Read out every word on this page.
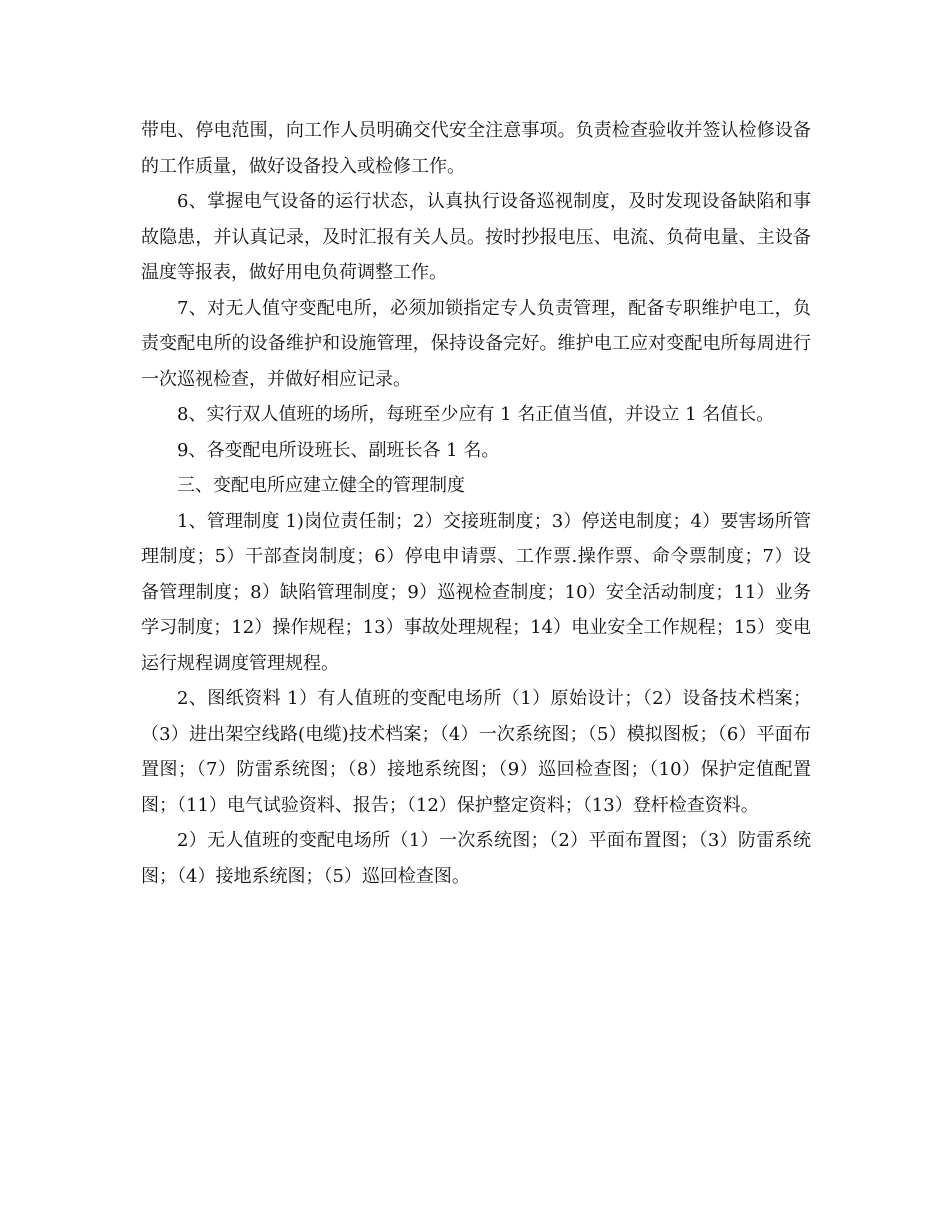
带电、停电范围，向工作人员明确交代安全注意事项。负责检查验收并签认检修设备的工作质量，做好设备投入或检修工作。

6、掌握电气设备的运行状态，认真执行设备巡视制度，及时发现设备缺陷和事故隐患，并认真记录，及时汇报有关人员。按时抄报电压、电流、负荷电量、主设备温度等报表，做好用电负荷调整工作。

7、对无人值守变配电所，必须加锁指定专人负责管理，配备专职维护电工，负责变配电所的设备维护和设施管理，保持设备完好。维护电工应对变配电所每周进行一次巡视检查，并做好相应记录。

8、实行双人值班的场所，每班至少应有 1 名正值当值，并设立 1 名值长。

9、各变配电所设班长、副班长各 1 名。

三、变配电所应建立健全的管理制度

1、管理制度 1)岗位责任制；2）交接班制度；3）停送电制度；4）要害场所管理制度；5）干部查岗制度；6）停电申请票、工作票.操作票、命令票制度；7）设备管理制度；8）缺陷管理制度；9）巡视检查制度；10）安全活动制度；11）业务学习制度；12）操作规程；13）事故处理规程；14）电业安全工作规程；15）变电运行规程调度管理规程。

2、图纸资料 1）有人值班的变配电场所（1）原始设计；（2）设备技术档案；（3）进出架空线路(电缆)技术档案；（4）一次系统图；（5）模拟图板；（6）平面布置图；（7）防雷系统图；（8）接地系统图；（9）巡回检查图；（10）保护定值配置图；（11）电气试验资料、报告；（12）保护整定资料；（13）登杆检查资料。

2）无人值班的变配电场所（1）一次系统图；（2）平面布置图；（3）防雷系统图；（4）接地系统图；（5）巡回检查图。
